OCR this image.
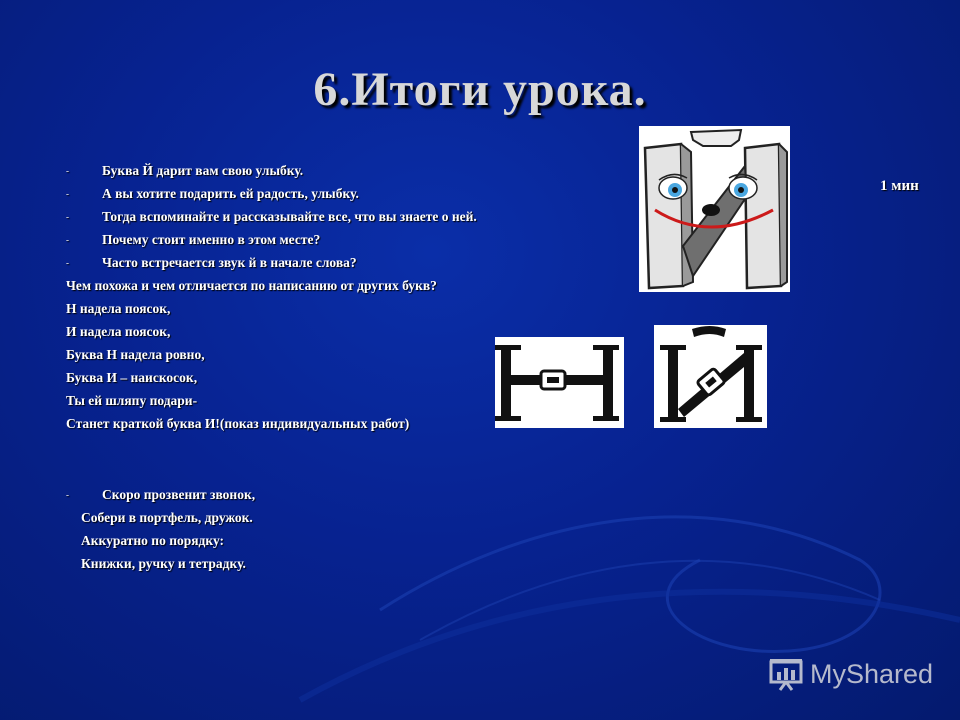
6.Итоги урока.
1 мин
- Буква Й дарит вам свою улыбку.
- А вы хотите подарить ей радость, улыбку.
- Тогда вспоминайте и рассказывайте все, что вы знаете о ней.
- Почему стоит именно в этом месте?
- Часто встречается звук й в начале слова?
Чем похожа и чем отличается по написанию от других букв?
Н надела поясок,
И надела поясок,
Буква Н надела ровно,
Буква И – наискосок,
Ты ей шляпу подари-
Станет краткой буква И!(показ индивидуальных работ)
- Скоро прозвенит звонок,
Собери в портфель, дружок.
Аккуратно по порядку:
Книжки, ручку и тетрадку.
MyShared
